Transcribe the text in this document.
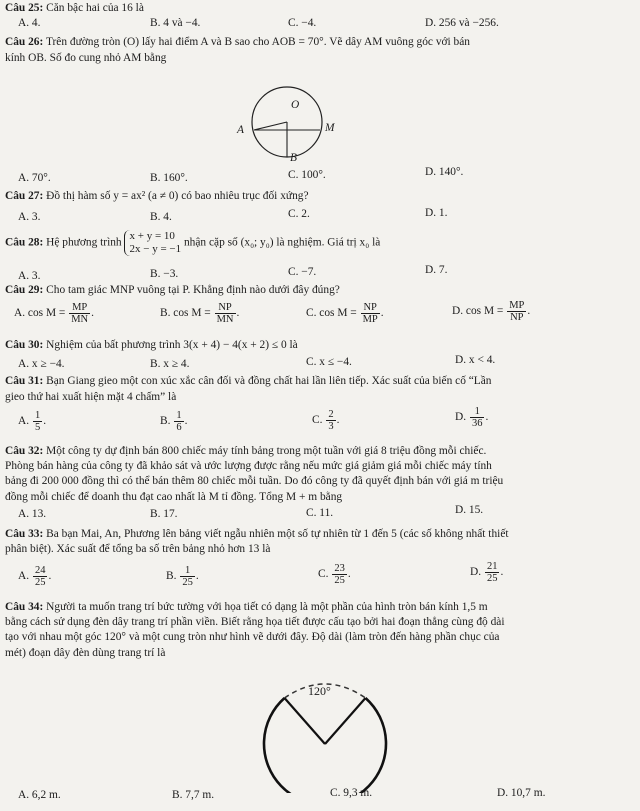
Câu 25: Căn bậc hai của 16 là
A. 4.	B. 4 và −4.	C. −4.	D. 256 và −256.
Câu 26: Trên đường tròn (O) lấy hai điểm A và B sao cho AOB = 70°. Vẽ dây AM vuông góc với bán
kính OB. Số đo cung nhỏ AM bằng
O
A	M
B
A. 70°.	B. 160°.	C. 100°.	D. 140°.
Câu 27: Đồ thị hàm số y = ax² (a ≠ 0) có bao nhiêu trục đối xứng?
A. 3.	B. 4.	C. 2.	D. 1.
Câu 28: Hệ phương trình
x + y = 10
2x − y = −1
nhận cặp số (x₀; y₀) là nghiệm. Giá trị x₀ là
A. 3.	B. −3.	C. −7.	D. 7.
Câu 29: Cho tam giác MNP vuông tại P. Khẳng định nào dưới đây đúng?
A. $\cos M = \frac{MP}{MN}$ .	B. $\cos M = \frac{NP}{MN}$ .	C. $\cos M = \frac{NP}{MP}$ .	D. $\cos M = \frac{MP}{NP}$ .
Câu 30: Nghiệm của bất phương trình 3(x + 4) − 4(x + 2) ≤ 0 là
A. x ≥ −4.	B. x ≥ 4.	C. x ≤ −4.	D. x < 4.
Câu 31: Bạn Giang gieo một con xúc xắc cân đối và đồng chất hai lần liên tiếp. Xác suất của biến cố “Lần
gieo thứ hai xuất hiện mặt 4 chấm” là
A. $\frac{1}{5}$ .	B. $\frac{1}{6}$ .	C. $\frac{2}{3}$ .	D. $\frac{1}{36}$ .
Câu 32: Một công ty dự định bán 800 chiếc máy tính bảng trong một tuần với giá 8 triệu đồng mỗi chiếc.
Phòng bán hàng của công ty đã khảo sát và ước lượng được rằng nếu mức giá giảm giá mỗi chiếc máy tính
bảng đi 200 000 đồng thì có thể bán thêm 80 chiếc mỗi tuần. Do đó công ty đã quyết định bán với giá m triệu
đồng mỗi chiếc để doanh thu đạt cao nhất là M tỉ đồng. Tổng M + m bằng
A. 13.	B. 17.	C. 11.	D. 15.
Câu 33: Ba bạn Mai, An, Phương lên bảng viết ngẫu nhiên một số tự nhiên từ 1 đến 5 (các số không nhất thiết
phân biệt). Xác suất để tổng ba số trên bảng nhỏ hơn 13 là
A. $\frac{24}{25}$ .	B. $\frac{1}{25}$ .	C. $\frac{23}{25}$ .	D. $\frac{21}{25}$ .
Câu 34: Người ta muốn trang trí bức tường với họa tiết có dạng là một phần của hình tròn bán kính 1,5 m
bằng cách sử dụng đèn dây trang trí phần viền. Biết rằng họa tiết được cấu tạo bởi hai đoạn thẳng cùng độ dài
tạo với nhau một góc 120° và một cung tròn như hình vẽ dưới đây. Độ dài (làm tròn đến hàng phần chục của
mét) đoạn dây đèn dùng trang trí là
120°
A. 6,2 m.	B. 7,7 m.	C. 9,3 m.	D. 10,7 m.
